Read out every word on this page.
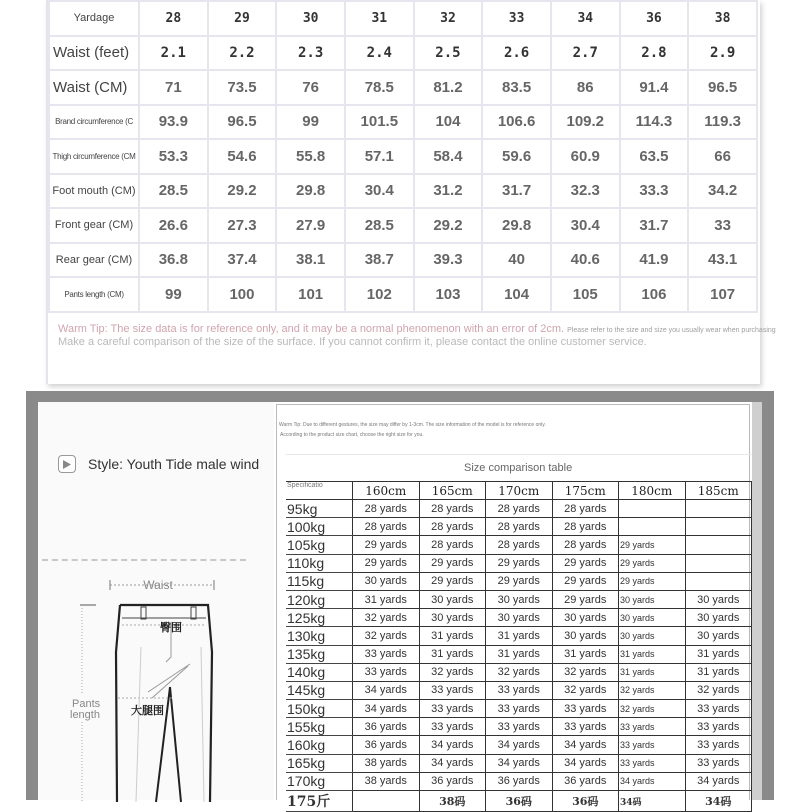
Yardage	28	29	30	31	32	33	34	36	38
Waist (feet)	2.1	2.2	2.3	2.4	2.5	2.6	2.7	2.8	2.9
Waist (CM)	71	73.5	76	78.5	81.2	83.5	86	91.4	96.5
Brand circumference (C	93.9	96.5	99	101.5	104	106.6	109.2	114.3	119.3
Thigh circumference (CM	53.3	54.6	55.8	57.1	58.4	59.6	60.9	63.5	66
Foot mouth (CM)	28.5	29.2	29.8	30.4	31.2	31.7	32.3	33.3	34.2
Front gear (CM)	26.6	27.3	27.9	28.5	29.2	29.8	30.4	31.7	33
Rear gear (CM)	36.8	37.4	38.1	38.7	39.3	40	40.6	41.9	43.1
Pants length (CM)	99	100	101	102	103	104	105	106	107
Warm Tip: The size data is for reference only, and it may be a normal phenomenon with an error of 2cm. Please refer to the size and size you usually wear when purchasing
Make a careful comparison of the size of the surface. If you cannot confirm it, please contact the online customer service.
Style: Youth Tide male wind
Waist
Pants
length
臀围
大腿围
Warm Tip: Due to different gestures, the size may differ by 1-3cm. The size information of the model is for reference only.
According to the product size chart, choose the right size for you.
Size comparison table						
Specificatio	160cm	165cm	170cm	175cm	180cm	185cm
95kg	28 yards	28 yards	28 yards	28 yards		
100kg	28 yards	28 yards	28 yards	28 yards		
105kg	29 yards	28 yards	28 yards	28 yards	29 yards	
110kg	29 yards	29 yards	29 yards	29 yards	29 yards	
115kg	30 yards	29 yards	29 yards	29 yards	29 yards	
120kg	31 yards	30 yards	30 yards	29 yards	30 yards	30 yards
125kg	32 yards	30 yards	30 yards	30 yards	30 yards	30 yards
130kg	32 yards	31 yards	31 yards	30 yards	30 yards	30 yards
135kg	33 yards	31 yards	31 yards	31 yards	31 yards	31 yards
140kg	33 yards	32 yards	32 yards	32 yards	31 yards	31 yards
145kg	34 yards	33 yards	33 yards	32 yards	32 yards	32 yards
150kg	34 yards	33 yards	33 yards	33 yards	32 yards	33 yards
155kg	36 yards	33 yards	33 yards	33 yards	33 yards	33 yards
160kg	36 yards	34 yards	34 yards	34 yards	33 yards	33 yards
165kg	38 yards	34 yards	34 yards	34 yards	33 yards	33 yards
170kg	38 yards	36 yards	36 yards	36 yards	34 yards	34 yards
175斤		38码	36码	36码	34码	34码
